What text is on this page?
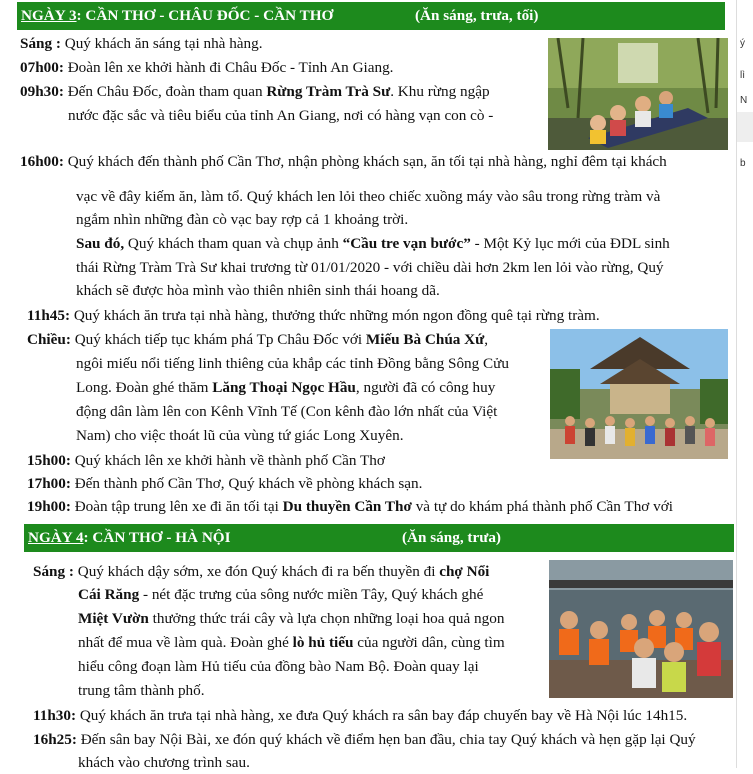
NGÀY 3: CẦN THƠ - CHÂU ĐỐC - CẦN THƠ	(Ăn sáng, trưa, tối)
ý
lì
N
b
Sáng : Quý khách ăn sáng tại nhà hàng.
07h00: Đoàn lên xe khởi hành đi Châu Đốc - Tỉnh An Giang.
09h30: Đến Châu Đốc, đoàn tham quan Rừng Tràm Trà Sư. Khu rừng ngập
nước đặc sắc và tiêu biểu của tỉnh An Giang, nơi có hàng vạn con cò -
16h00: Quý khách đến thành phố Cần Thơ, nhận phòng khách sạn, ăn tối tại nhà hàng, nghỉ đêm tại khách
vạc về đây kiếm ăn, làm tổ. Quý khách len lỏi theo chiếc xuồng máy vào sâu trong rừng tràm và
ngắm nhìn những đàn cò vạc bay rợp cả 1 khoảng trời.
Sau đó, Quý khách tham quan và chụp ảnh “Cầu tre vạn bước” - Một Kỷ lục mới của ĐDL sinh
thái Rừng Tràm Trà Sư khai trương từ 01/01/2020 - với chiều dài hơn 2km len lỏi vào rừng, Quý
khách sẽ được hòa mình vào thiên nhiên sinh thái hoang dã.
11h45: Quý khách ăn trưa tại nhà hàng, thưởng thức những món ngon đồng quê tại rừng tràm.
Chiều: Quý khách tiếp tục khám phá Tp Châu Đốc với Miếu Bà Chúa Xứ,
ngôi miếu nổi tiếng linh thiêng của khắp các tỉnh Đồng bằng Sông Cửu
Long. Đoàn ghé thăm Lăng Thoại Ngọc Hầu, người đã có công huy
động dân làm lên con Kênh Vĩnh Tế (Con kênh đào lớn nhất của Việt
Nam) cho việc thoát lũ của vùng tứ giác Long Xuyên.
15h00: Quý khách lên xe khởi hành về thành phố Cần Thơ
17h00: Đến thành phố Cần Thơ, Quý khách về phòng khách sạn.
19h00: Đoàn tập trung lên xe đi ăn tối tại Du thuyền Cần Thơ và tự do khám phá thành phố Cần Thơ với
NGÀY 4: CẦN THƠ - HÀ NỘI	(Ăn sáng, trưa)
Sáng : Quý khách dậy sớm, xe đón Quý khách đi ra bến thuyền đi chợ Nổi
Cái Răng - nét đặc trưng của sông nước miền Tây, Quý khách ghé
Miệt Vườn thưởng thức trái cây và lựa chọn những loại hoa quả ngon
nhất để mua về làm quà. Đoàn ghé lò hủ tiếu của người dân, cùng tìm
hiểu công đoạn làm Hủ tiếu của đồng bào Nam Bộ. Đoàn quay lại
trung tâm thành phố.
11h30: Quý khách ăn trưa tại nhà hàng, xe đưa Quý khách ra sân bay đáp chuyến bay về Hà Nội lúc 14h15.
16h25: Đến sân bay Nội Bài, xe đón quý khách về điểm hẹn ban đầu, chia tay Quý khách và hẹn gặp lại Quý
khách vào chương trình sau.
